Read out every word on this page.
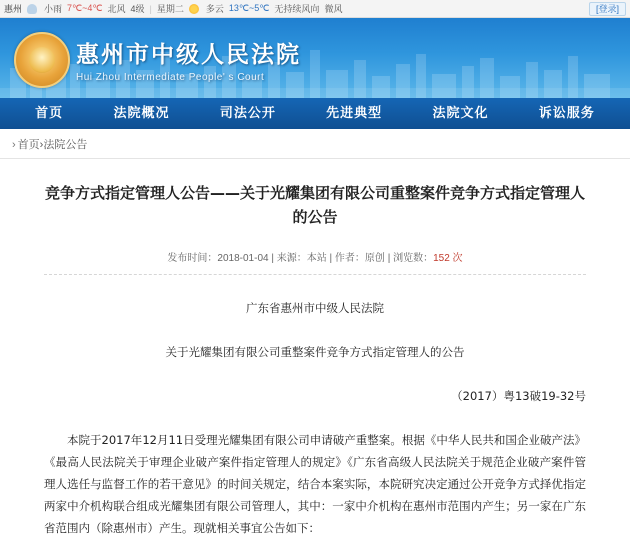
惠州 小雨 7℃~4℃ 北风 4级 | 星期二 多云 13℃~5℃ 无持续风向 微风	[登录]
惠州市中级人民法院
Hui Zhou Intermediate People' s Court
首页	法院概况	司法公开	先进典型	法院文化	诉讼服务
› 首页›法院公告
竞争方式指定管理人公告——关于光耀集团有限公司重整案件竞争方式指定管理人的公告
发布时间：2018-01-04 | 来源：本站 | 作者：原创 | 浏览数：152 次
广东省惠州市中级人民法院
关于光耀集团有限公司重整案件竞争方式指定管理人的公告
（2017）粤13破19-32号
本院于2017年12月11日受理光耀集团有限公司申请破产重整案。根据《中华人民共和国企业破产法》《最高人民法院关于审理企业破产案件指定管理人的规定》《广东省高级人民法院关于规范企业破产案件管理人选任与监督工作的若干意见》的时间关规定，结合本案实际，本院研究决定通过公开竞争方式择优指定两家中介机构联合组成光耀集团有限公司管理人，其中：一家中介机构在惠州市范围内产生；另一家在广东省范围内（除惠州市）产生。现就相关事宜公告如下：
